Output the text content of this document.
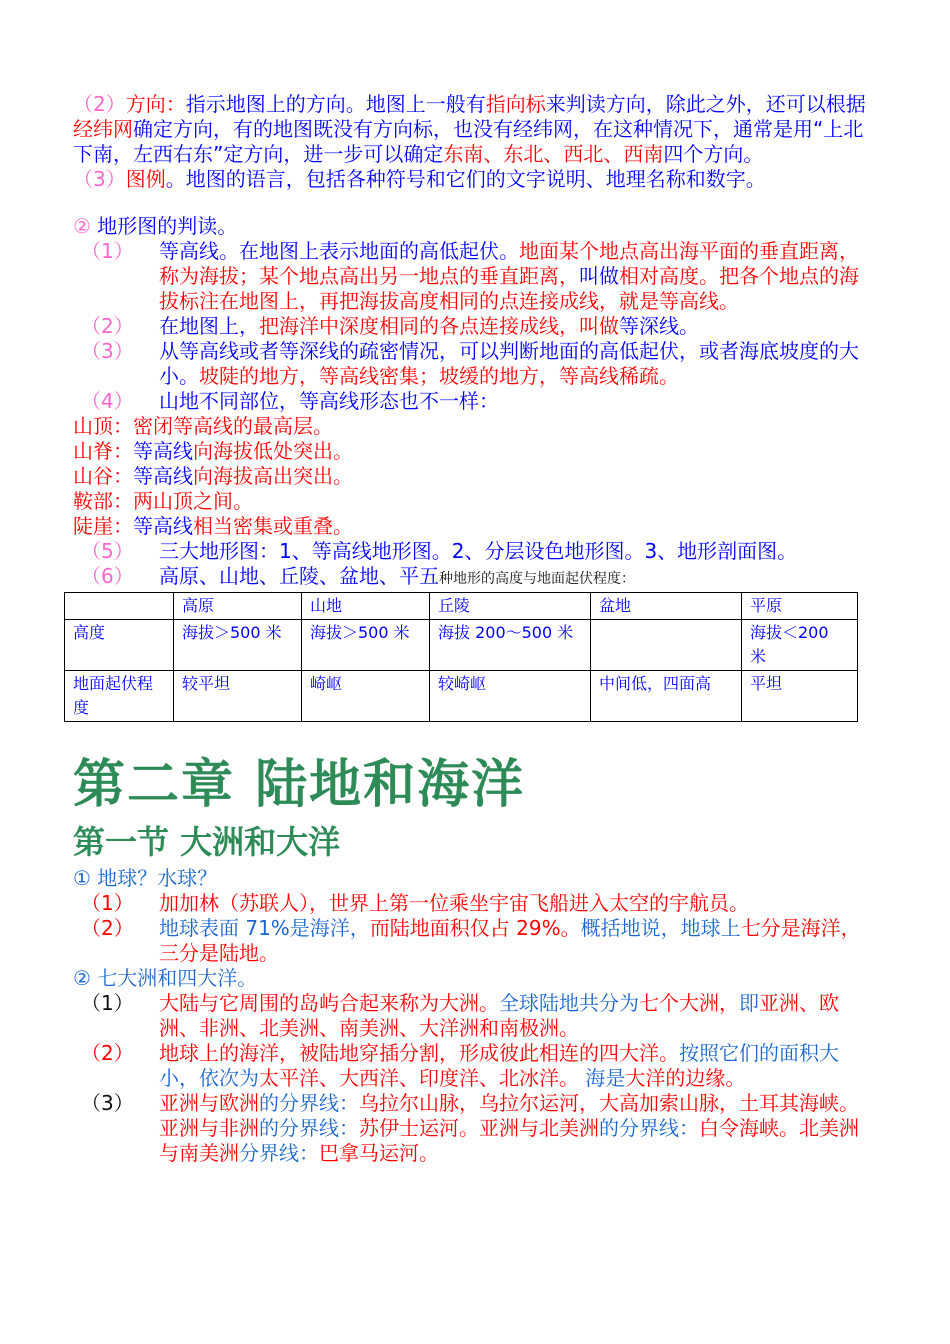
（2）方向：指示地图上的方向。地图上一般有指向标来判读方向，除此之外，还可以根据经纬网确定方向，有的地图既没有方向标，也没有经纬网，在这种情况下，通常是用“上北下南，左西右东”定方向，进一步可以确定东南、东北、西北、西南四个方向。

（3）图例。地图的语言，包括各种符号和它们的文字说明、地理名称和数字。

② 地形图的判读。

（1）	等高线。在地图上表示地面的高低起伏。地面某个地点高出海平面的垂直距离，称为海拔；某个地点高出另一地点的垂直距离，叫做相对高度。把各个地点的海拔标注在地图上，再把海拔高度相同的点连接成线，就是等高线。
（2）	在地图上，把海洋中深度相同的各点连接成线，叫做等深线。
（3）	从等高线或者等深线的疏密情况，可以判断地面的高低起伏，或者海底坡度的大小。坡陡的地方，等高线密集；坡缓的地方，等高线稀疏。
（4）	山地不同部位，等高线形态也不一样：

山顶：密闭等高线的最高层。

山脊：等高线向海拔低处突出。

山谷：等高线向海拔高出突出。

鞍部：两山顶之间。

陡崖：等高线相当密集或重叠。

（5）	三大地形图：1、等高线地形图。2、分层设色地形图。3、地形剖面图。
（6）	高原、山地、丘陵、盆地、平五种地形的高度与地面起伏程度：
	高原	山地	丘陵	盆地	平原
高度	海拔＞500 米	海拔＞500 米	海拔 200～500 米		海拔＜200 米
地面起伏程度	较平坦	崎岖	较崎岖	中间低，四面高	平坦
第二章 陆地和海洋
第一节 大洲和大洋

① 地球？水球？

（1）	加加林（苏联人），世界上第一位乘坐宇宙飞船进入太空的宇航员。
（2）	地球表面 71%是海洋，而陆地面积仅占 29%。概括地说，地球上七分是海洋，三分是陆地。

② 七大洲和四大洋。

（1）	大陆与它周围的岛屿合起来称为大洲。全球陆地共分为七个大洲，即亚洲、欧洲、非洲、北美洲、南美洲、大洋洲和南极洲。
（2）	地球上的海洋，被陆地穿插分割，形成彼此相连的四大洋。按照它们的面积大小，依次为太平洋、大西洋、印度洋、北冰洋。 海是大洋的边缘。
（3）	亚洲与欧洲的分界线：乌拉尔山脉，乌拉尔运河，大高加索山脉，土耳其海峡。亚洲与非洲的分界线：苏伊士运河。亚洲与北美洲的分界线：白令海峡。北美洲与南美洲分界线：巴拿马运河。
